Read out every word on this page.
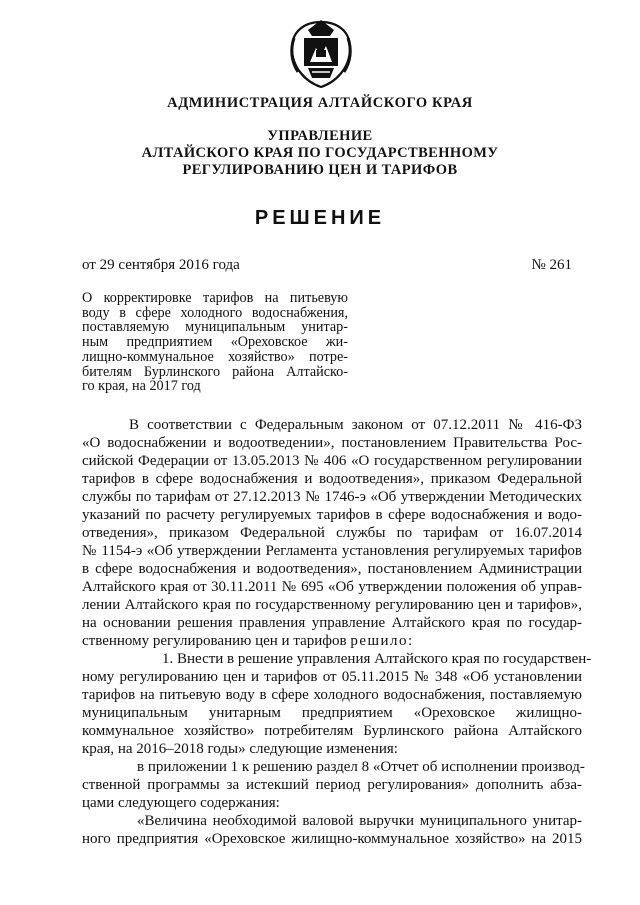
АДМИНИСТРАЦИЯ АЛТАЙСКОГО КРАЯ
УПРАВЛЕНИЕ
АЛТАЙСКОГО КРАЯ ПО ГОСУДАРСТВЕННОМУ
РЕГУЛИРОВАНИЮ ЦЕН И ТАРИФОВ
РЕШЕНИЕ
от 29 сентября 2016 года	№ 261
О корректировке тарифов на питьевую
воду в сфере холодного водоснабжения,
поставляемую муниципальным унитар-
ным предприятием «Ореховское жи-
лищно-коммунальное хозяйство» потре-
бителям Бурлинского района Алтайско-
го края, на 2017 год
В соответствии с Федеральным законом от 07.12.2011 № 416-ФЗ
«О водоснабжении и водоотведении», постановлением Правительства Рос-
сийской Федерации от 13.05.2013 № 406 «О государственном регулировании
тарифов в сфере водоснабжения и водоотведения», приказом Федеральной
службы по тарифам от 27.12.2013 № 1746-э «Об утверждении Методических
указаний по расчету регулируемых тарифов в сфере водоснабжения и водо-
отведения», приказом Федеральной службы по тарифам от 16.07.2014
№ 1154-э «Об утверждении Регламента установления регулируемых тарифов
в сфере водоснабжения и водоотведения», постановлением Администрации
Алтайского края от 30.11.2011 № 695 «Об утверждении положения об управ-
лении Алтайского края по государственному регулированию цен и тарифов»,
на основании решения правления управление Алтайского края по государ-
ственному регулированию цен и тарифов решило:
1. Внести в решение управления Алтайского края по государствен-
ному регулированию цен и тарифов от 05.11.2015 № 348 «Об установлении
тарифов на питьевую воду в сфере холодного водоснабжения, поставляемую
муниципальным унитарным предприятием «Ореховское жилищно-
коммунальное хозяйство» потребителям Бурлинского района Алтайского
края, на 2016–2018 годы» следующие изменения:
в приложении 1 к решению раздел 8 «Отчет об исполнении производ-
ственной программы за истекший период регулирования» дополнить абза-
цами следующего содержания:
«Величина необходимой валовой выручки муниципального унитар-
ного предприятия «Ореховское жилищно-коммунальное хозяйство» на 2015
